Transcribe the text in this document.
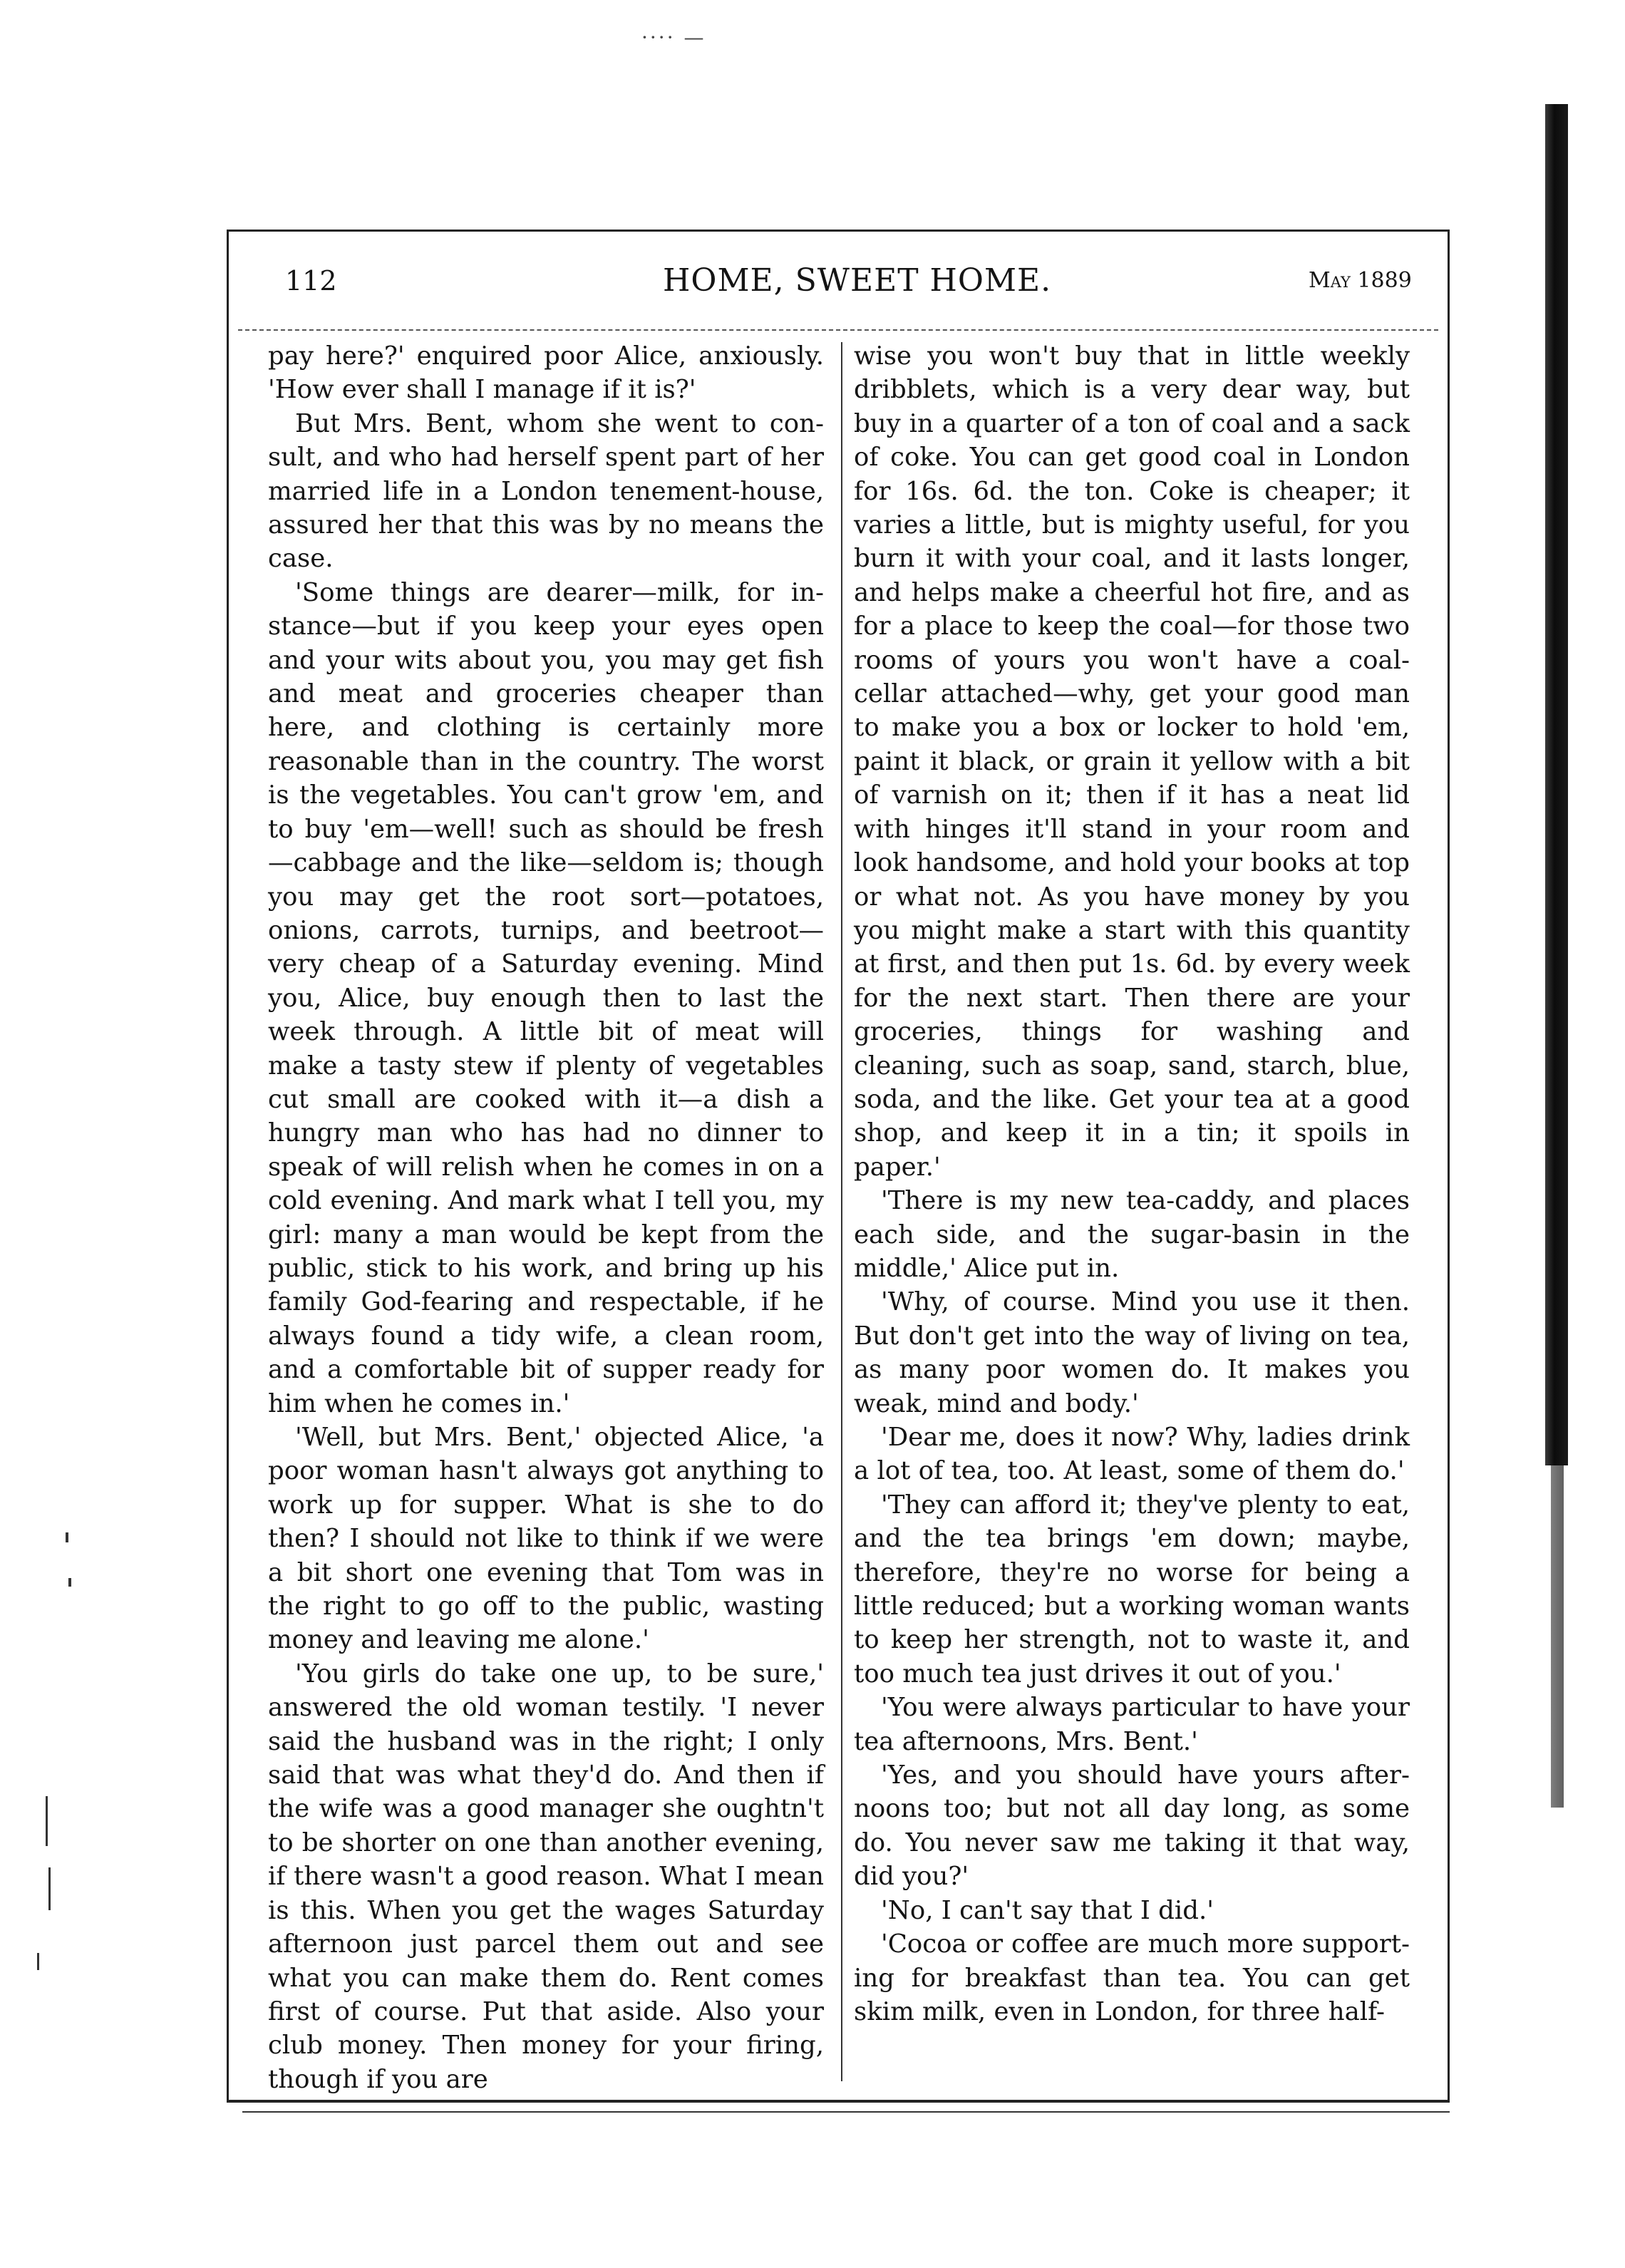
···· —
112	HOME, SWEET HOME.	May 1889

pay here?' enquired poor Alice, anxiously. 'How ever shall I manage if it is?'

But Mrs. Bent, whom she went to consult, and who had herself spent part of her married life in a London tenement-house, assured her that this was by no means the case.

'Some things are dearer—milk, for instance—but if you keep your eyes open and your wits about you, you may get fish and meat and groceries cheaper than here, and clothing is certainly more reasonable than in the country. The worst is the vegetables. You can't grow 'em, and to buy 'em—well! such as should be fresh—cabbage and the like—seldom is; though you may get the root sort—potatoes, onions, carrots, turnips, and beetroot—very cheap of a Saturday evening. Mind you, Alice, buy enough then to last the week through. A little bit of meat will make a tasty stew if plenty of vegetables cut small are cooked with it—a dish a hungry man who has had no dinner to speak of will relish when he comes in on a cold evening. And mark what I tell you, my girl: many a man would be kept from the public, stick to his work, and bring up his family God-fearing and respectable, if he always found a tidy wife, a clean room, and a comfortable bit of supper ready for him when he comes in.'

'Well, but Mrs. Bent,' objected Alice, 'a poor woman hasn't always got anything to work up for supper. What is she to do then? I should not like to think if we were a bit short one evening that Tom was in the right to go off to the public, wasting money and leaving me alone.'

'You girls do take one up, to be sure,' answered the old woman testily. 'I never said the husband was in the right; I only said that was what they'd do. And then if the wife was a good manager she oughtn't to be shorter on one than another evening, if there wasn't a good reason. What I mean is this. When you get the wages Saturday afternoon just parcel them out and see what you can make them do. Rent comes first of course. Put that aside. Also your club money. Then money for your firing, though if you are

wise you won't buy that in little weekly dribblets, which is a very dear way, but buy in a quarter of a ton of coal and a sack of coke. You can get good coal in London for 16s. 6d. the ton. Coke is cheaper; it varies a little, but is mighty useful, for you burn it with your coal, and it lasts longer, and helps make a cheerful hot fire, and as for a place to keep the coal—for those two rooms of yours you won't have a coal-cellar attached—why, get your good man to make you a box or locker to hold 'em, paint it black, or grain it yellow with a bit of varnish on it; then if it has a neat lid with hinges it'll stand in your room and look handsome, and hold your books at top or what not. As you have money by you you might make a start with this quantity at first, and then put 1s. 6d. by every week for the next start. Then there are your groceries, things for washing and cleaning, such as soap, sand, starch, blue, soda, and the like. Get your tea at a good shop, and keep it in a tin; it spoils in paper.'

'There is my new tea-caddy, and places each side, and the sugar-basin in the middle,' Alice put in.

'Why, of course. Mind you use it then. But don't get into the way of living on tea, as many poor women do. It makes you weak, mind and body.'

'Dear me, does it now? Why, ladies drink a lot of tea, too. At least, some of them do.'

'They can afford it; they've plenty to eat, and the tea brings 'em down; maybe, therefore, they're no worse for being a little reduced; but a working woman wants to keep her strength, not to waste it, and too much tea just drives it out of you.'

'You were always particular to have your tea afternoons, Mrs. Bent.'

'Yes, and you should have yours afternoons too; but not all day long, as some do. You never saw me taking it that way, did you?'

'No, I can't say that I did.'

'Cocoa or coffee are much more supporting for breakfast than tea. You can get skim milk, even in London, for three half-
